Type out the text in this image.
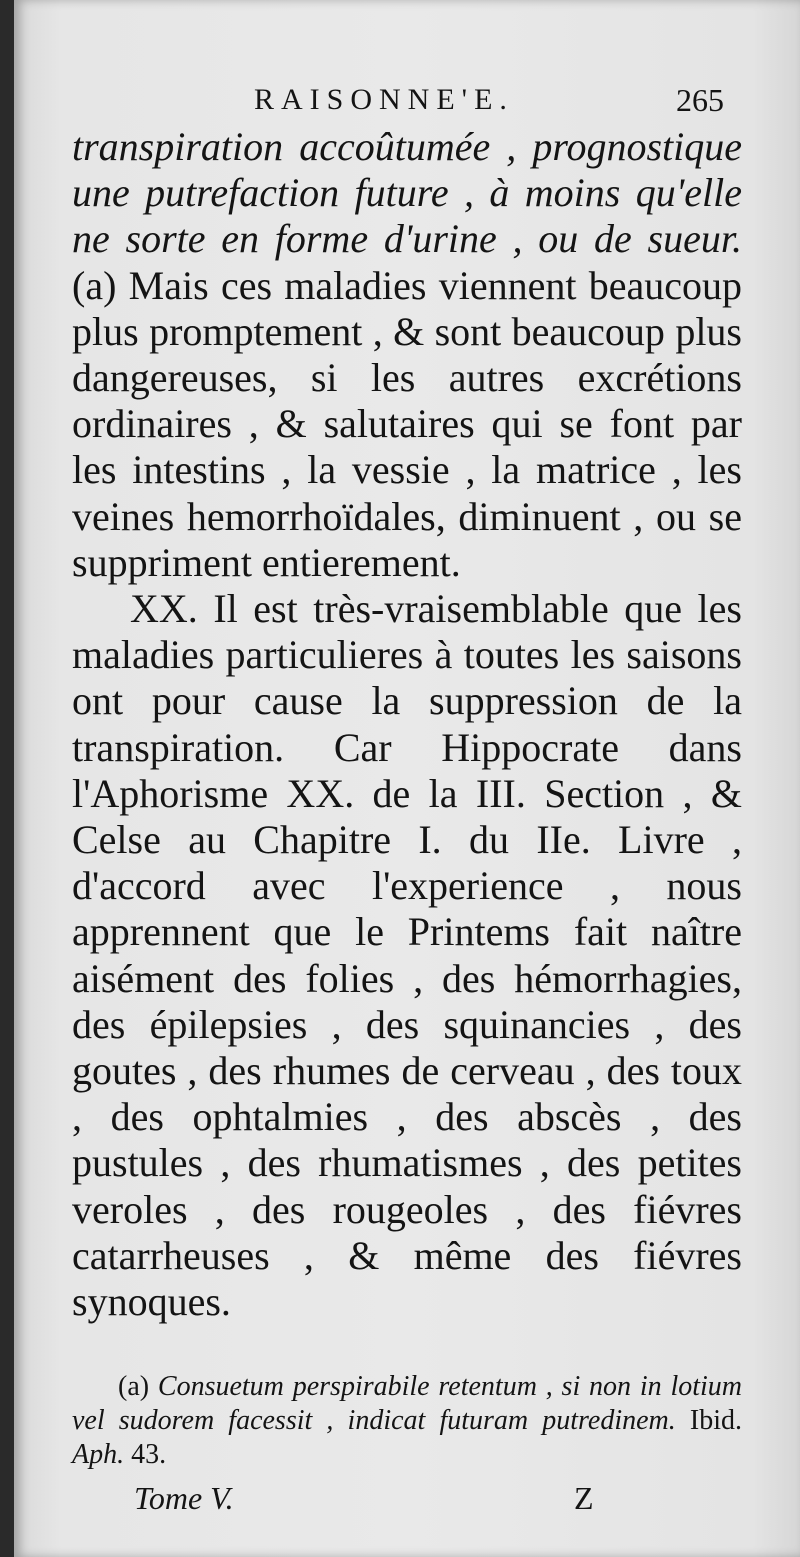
RAISONNE'E.	265

transpiration accoûtumée , prognostique une putrefaction future , à moins qu'elle ne sorte en forme d'urine , ou de sueur. (a) Mais ces maladies viennent beaucoup plus promptement , & sont beaucoup plus dangereuses, si les autres excrétions ordinaires , & salutaires qui se font par les intestins , la vessie , la matrice , les veines hemorrhoïdales, diminuent , ou se suppriment entierement.

XX. Il est très-vraisemblable que les maladies particulieres à toutes les saisons ont pour cause la suppression de la transpiration. Car Hippocrate dans l'Aphorisme XX. de la III. Section , & Celse au Chapitre I. du IIe. Livre , d'accord avec l'experience , nous apprennent que le Printems fait naître aisément des folies , des hémorrhagies, des épilepsies , des squinancies , des goutes , des rhumes de cerveau , des toux , des ophtalmies , des abscès , des pustules , des rhumatismes , des petites veroles , des rougeoles , des fiévres catarrheuses , & même des fiévres synoques.

(a) Consuetum perspirabile retentum , si non in lotium vel sudorem facessit , indicat futuram putredinem. Ibid. Aph. 43.

Tome V.	Z
